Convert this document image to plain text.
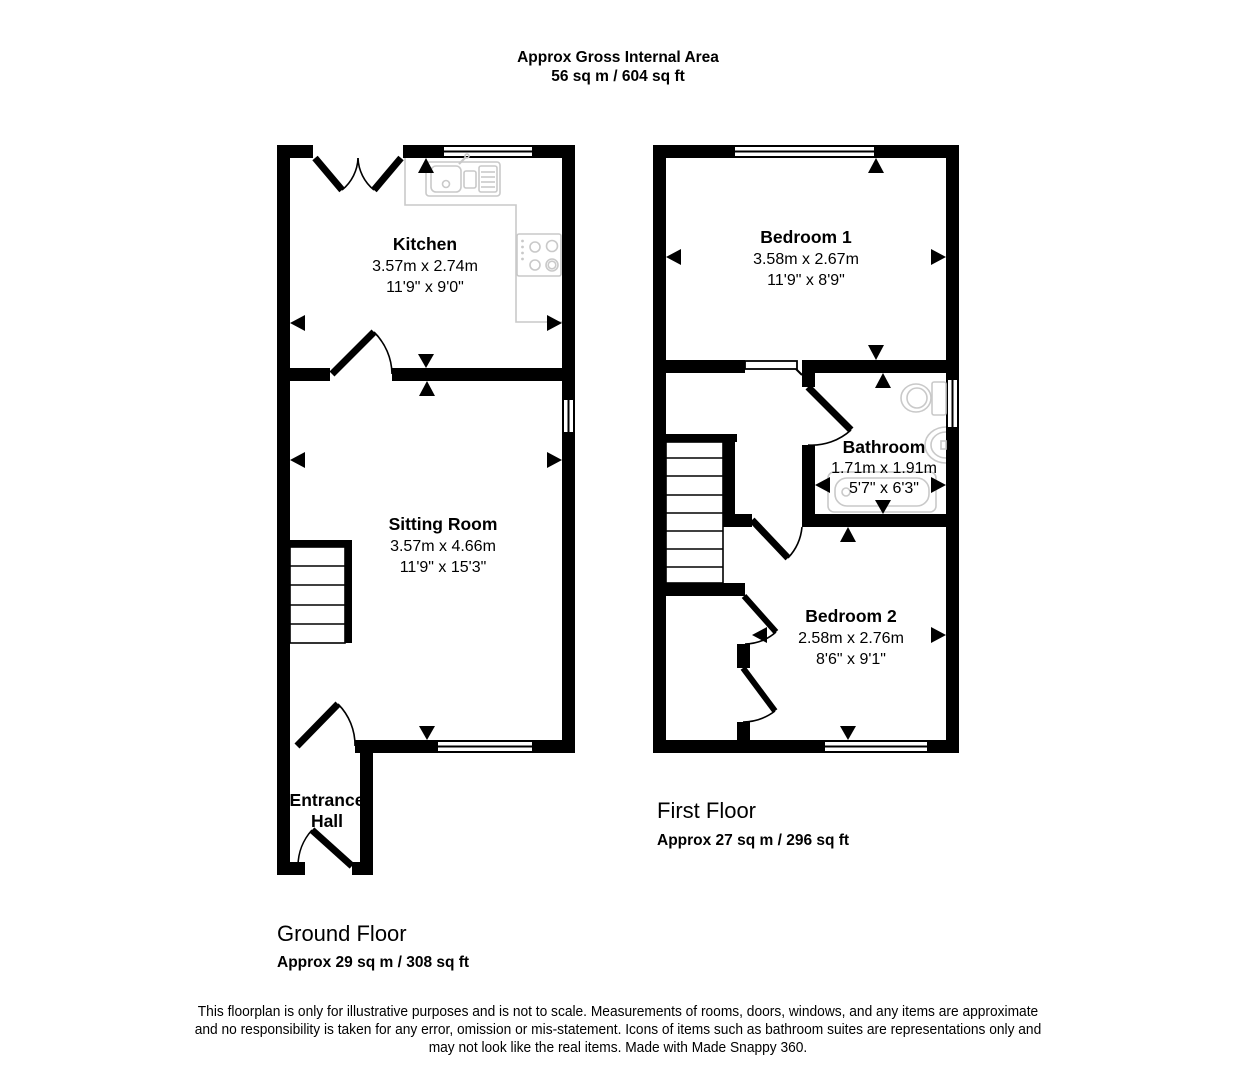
Approx Gross Internal Area
56 sq m / 604 sq ft
Kitchen
3.57m x 2.74m
11'9" x 9'0"
Sitting Room
3.57m x 4.66m
11'9" x 15'3"
Entrance
Hall
Ground Floor
Approx 29 sq m / 308 sq ft
Bedroom 1
3.58m x 2.67m
11'9" x 8'9"
Bathroom
1.71m x 1.91m
5'7" x 6'3"
Bedroom 2
2.58m x 2.76m
8'6" x 9'1"
First Floor
Approx 27 sq m / 296 sq ft
This floorplan is only for illustrative purposes and is not to scale. Measurements of rooms, doors, windows, and any items are approximate
and no responsibility is taken for any error, omission or mis-statement. Icons of items such as bathroom suites are representations only and
may not look like the real items. Made with Made Snappy 360.
